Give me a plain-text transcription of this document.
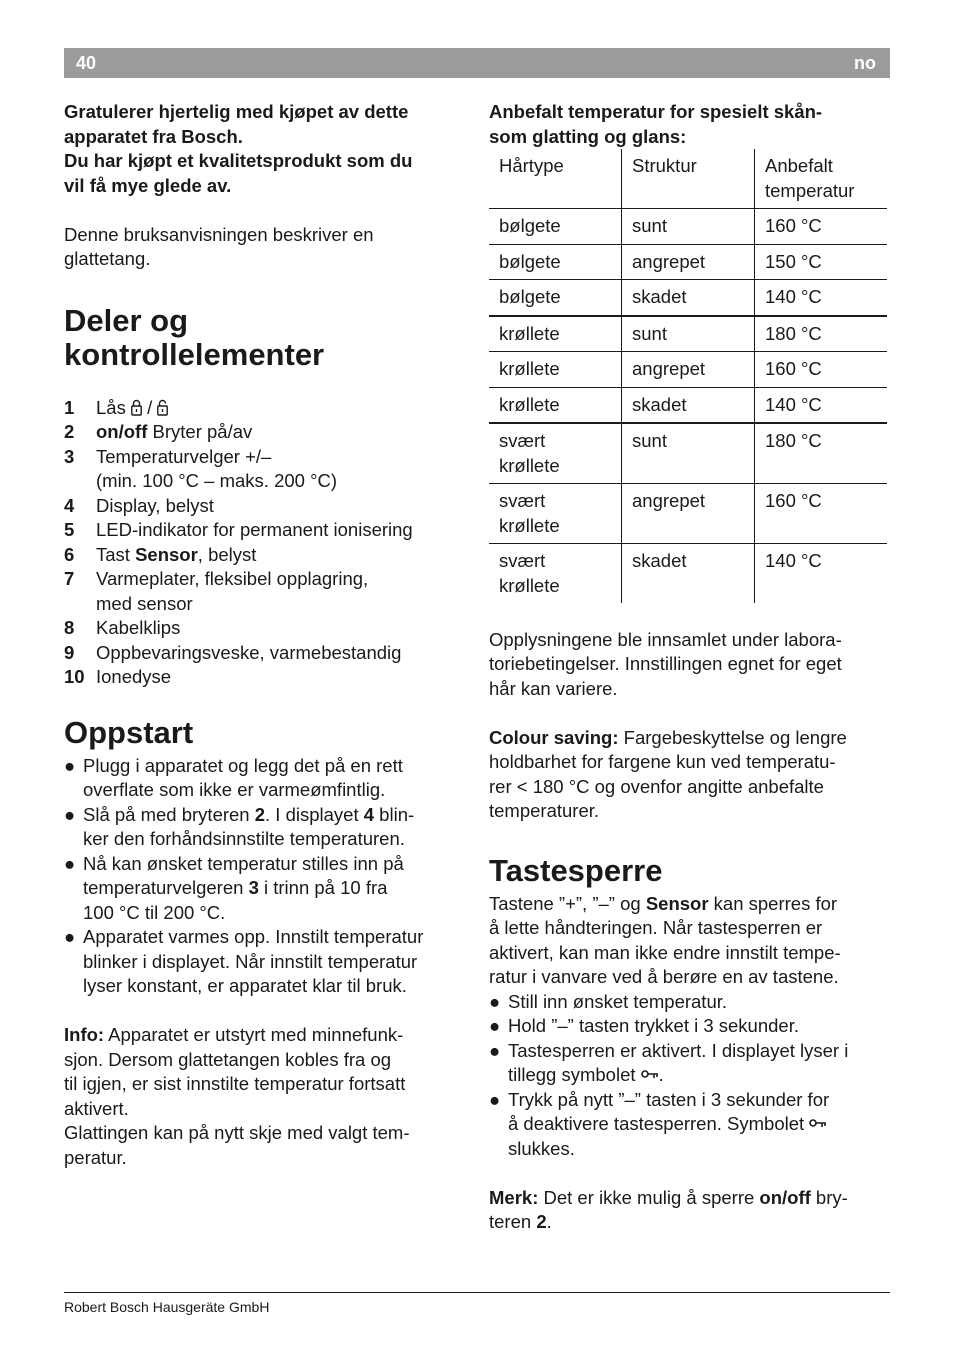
40	no

Gratulerer hjertelig med kjøpet av dette
apparatet fra Bosch.
Du har kjøpt et kvalitetsprodukt som du
vil få mye glede av.

Denne bruksanvisningen beskriver en
glattetang.

Deler og
kontrollelementer
1	Lås /
2	on/off Bryter på/av
3	Temperaturvelger +/–
(min. 100 °C – maks. 200 °C)
4	Display, belyst
5	LED-indikator for permanent ionisering
6	Tast Sensor, belyst
7	Varmeplater, fleksibel opplagring,
med sensor
8	Kabelklips
9	Oppbevaringsveske, varmebestandig
10 Ionedyse
Oppstart
● Plugg i apparatet og legg det på en rett
overflate som ikke er varmeømfintlig.
● Slå på med bryteren 2. I displayet 4 blin-
ker den forhåndsinnstilte temperaturen.
● Nå kan ønsket temperatur stilles inn på
temperaturvelgeren 3 i trinn på 10 fra
100 °C til 200 °C.
● Apparatet varmes opp. Innstilt temperatur
blinker i displayet. Når innstilt temperatur
lyser konstant, er apparatet klar til bruk.

Info: Apparatet er utstyrt med minnefunk-
sjon. Dersom glattetangen kobles fra og
til igjen, er sist innstilte temperatur fortsatt
aktivert.
Glattingen kan på nytt skje med valgt tem-
peratur.

Anbefalt temperatur for spesielt skån-
som glatting og glans:

Hårtype	Struktur	Anbefalt
temperatur
bølgete	sunt	160 °C
bølgete	angrepet	150 °C
bølgete	skadet	140 °C
krøllete	sunt	180 °C
krøllete	angrepet	160 °C
krøllete	skadet	140 °C
svært
krøllete	sunt	180 °C
svært
krøllete	angrepet	160 °C
svært
krøllete	skadet	140 °C

Opplysningene ble innsamlet under labora-
toriebetingelser. Innstillingen egnet for eget
hår kan variere.

Colour saving: Fargebeskyttelse og lengre
holdbarhet for fargene kun ved temperatu-
rer < 180 °C og ovenfor angitte anbefalte
temperaturer.

Tastesperre

Tastene ”+”, ”–” og Sensor kan sperres for
å lette håndteringen. Når tastesperren er
aktivert, kan man ikke endre innstilt tempe-
ratur i vanvare ved å berøre en av tastene.

● Still inn ønsket temperatur.
● Hold ”–” tasten trykket i 3 sekunder.
● Tastesperren er aktivert. I displayet lyser i
tillegg symbolet .
● Trykk på nytt ”–” tasten i 3 sekunder for
å deaktivere tastesperren. Symbolet
slukkes.

Merk: Det er ikke mulig å sperre on/off bry-
teren 2.

Robert Bosch Hausgeräte GmbH
